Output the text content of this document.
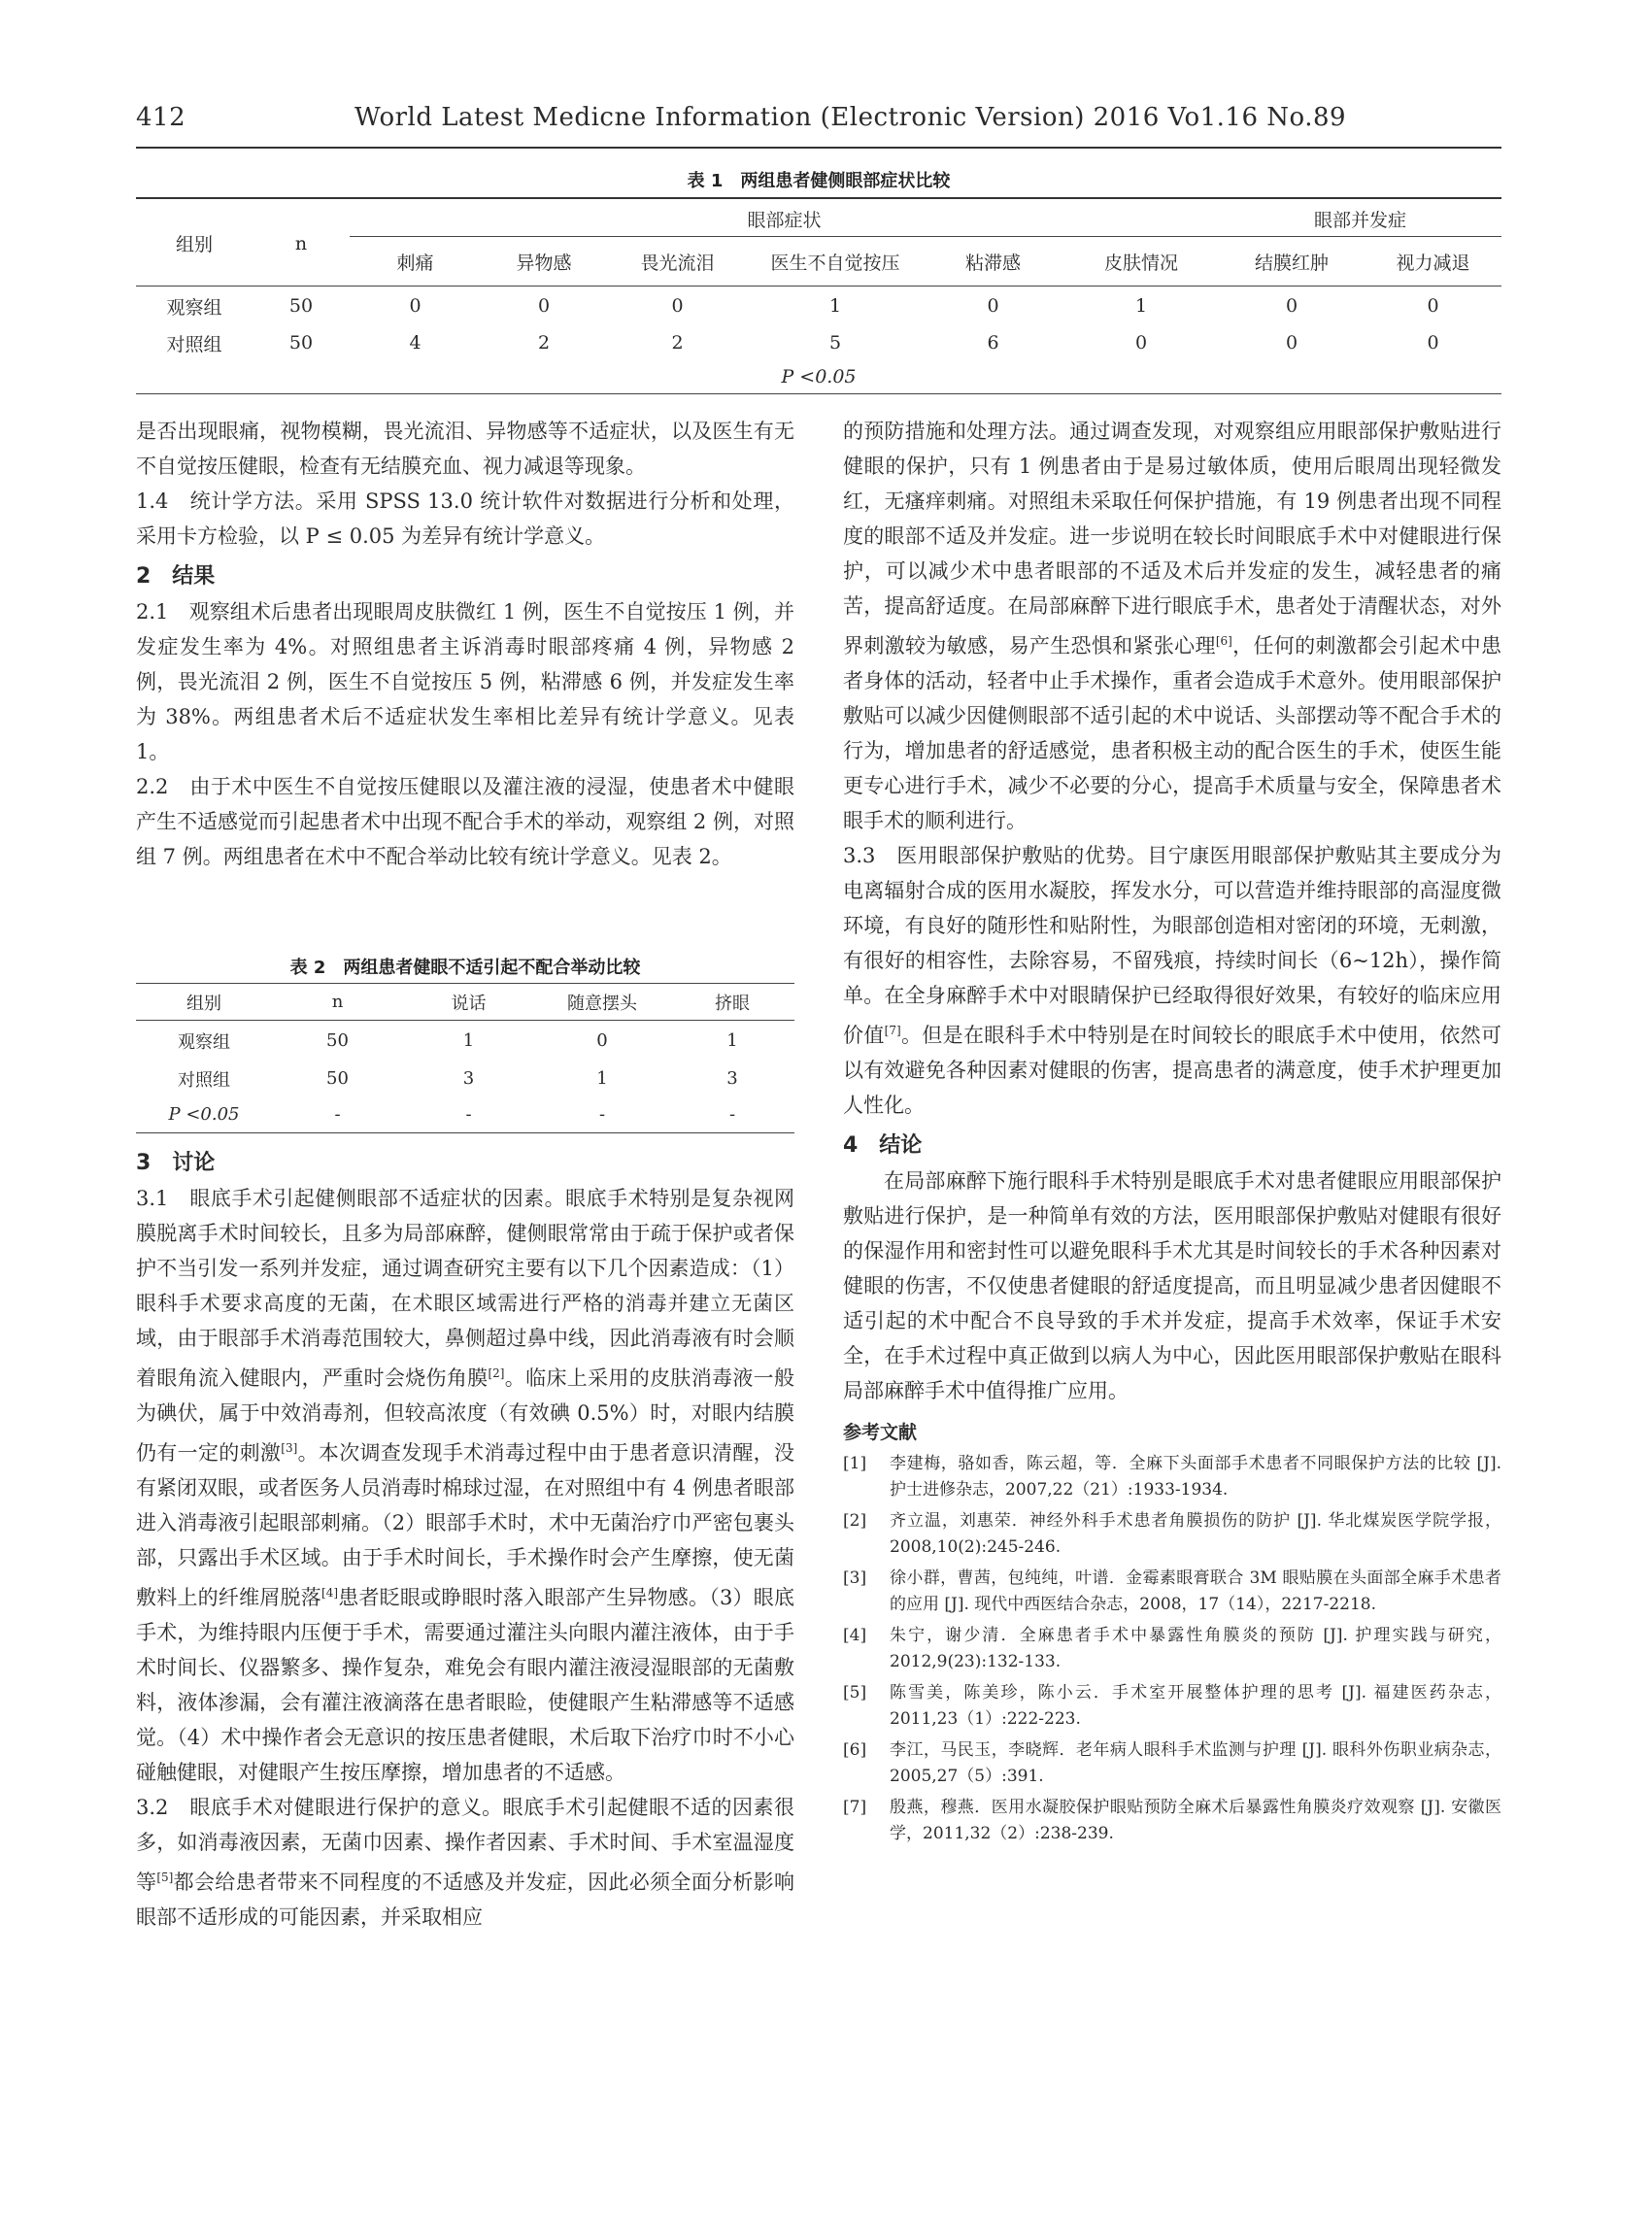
412	World Latest Medicne Information (Electronic Version) 2016 Vo1.16 No.89
表 1　两组患者健侧眼部症状比较
组别	n	眼部症状						眼部并发症	
		刺痛	异物感	畏光流泪	医生不自觉按压	粘滞感	皮肤情况	结膜红肿	视力减退
观察组	50	0	0	0	1	0	1	0	0
对照组	50	4	2	2	5	6	0	0	0
P <0.05									

是否出现眼痛，视物模糊，畏光流泪、异物感等不适症状，以及医生有无不自觉按压健眼，检查有无结膜充血、视力减退等现象。

1.4　统计学方法。采用 SPSS 13.0 统计软件对数据进行分析和处理，采用卡方检验，以 P ≤ 0.05 为差异有统计学意义。

2　结果

2.1　观察组术后患者出现眼周皮肤微红 1 例，医生不自觉按压 1 例，并发症发生率为 4%。对照组患者主诉消毒时眼部疼痛 4 例，异物感 2 例，畏光流泪 2 例，医生不自觉按压 5 例，粘滞感 6 例，并发症发生率为 38%。两组患者术后不适症状发生率相比差异有统计学意义。见表 1。

2.2　由于术中医生不自觉按压健眼以及灌注液的浸湿，使患者术中健眼产生不适感觉而引起患者术中出现不配合手术的举动，观察组 2 例，对照组 7 例。两组患者在术中不配合举动比较有统计学意义。见表 2。

表 2　两组患者健眼不适引起不配合举动比较
组别	n	说话	随意摆头	挤眼
观察组	50	1	0	1
对照组	50	3	1	3
P <0.05	-	-	-	-

3　讨论

3.1　眼底手术引起健侧眼部不适症状的因素。眼底手术特别是复杂视网膜脱离手术时间较长，且多为局部麻醉，健侧眼常常由于疏于保护或者保护不当引发一系列并发症，通过调查研究主要有以下几个因素造成：（1）眼科手术要求高度的无菌，在术眼区域需进行严格的消毒并建立无菌区域，由于眼部手术消毒范围较大，鼻侧超过鼻中线，因此消毒液有时会顺着眼角流入健眼内，严重时会烧伤角膜[2]。临床上采用的皮肤消毒液一般为碘伏，属于中效消毒剂，但较高浓度（有效碘 0.5%）时，对眼内结膜仍有一定的刺激[3]。本次调查发现手术消毒过程中由于患者意识清醒，没有紧闭双眼，或者医务人员消毒时棉球过湿，在对照组中有 4 例患者眼部进入消毒液引起眼部刺痛。（2）眼部手术时，术中无菌治疗巾严密包裹头部，只露出手术区域。由于手术时间长，手术操作时会产生摩擦，使无菌敷料上的纤维屑脱落[4]患者眨眼或睁眼时落入眼部产生异物感。（3）眼底手术，为维持眼内压便于手术，需要通过灌注头向眼内灌注液体，由于手术时间长、仪器繁多、操作复杂，难免会有眼内灌注液浸湿眼部的无菌敷料，液体渗漏，会有灌注液滴落在患者眼睑，使健眼产生粘滞感等不适感觉。（4）术中操作者会无意识的按压患者健眼，术后取下治疗巾时不小心碰触健眼，对健眼产生按压摩擦，增加患者的不适感。

3.2　眼底手术对健眼进行保护的意义。眼底手术引起健眼不适的因素很多，如消毒液因素，无菌巾因素、操作者因素、手术时间、手术室温湿度等[5]都会给患者带来不同程度的不适感及并发症，因此必须全面分析影响眼部不适形成的可能因素，并采取相应

的预防措施和处理方法。通过调查发现，对观察组应用眼部保护敷贴进行健眼的保护，只有 1 例患者由于是易过敏体质，使用后眼周出现轻微发红，无瘙痒刺痛。对照组未采取任何保护措施，有 19 例患者出现不同程度的眼部不适及并发症。进一步说明在较长时间眼底手术中对健眼进行保护，可以减少术中患者眼部的不适及术后并发症的发生，减轻患者的痛苦，提高舒适度。在局部麻醉下进行眼底手术，患者处于清醒状态，对外界刺激较为敏感，易产生恐惧和紧张心理[6]，任何的刺激都会引起术中患者身体的活动，轻者中止手术操作，重者会造成手术意外。使用眼部保护敷贴可以减少因健侧眼部不适引起的术中说话、头部摆动等不配合手术的行为，增加患者的舒适感觉，患者积极主动的配合医生的手术，使医生能更专心进行手术，减少不必要的分心，提高手术质量与安全，保障患者术眼手术的顺利进行。

3.3　医用眼部保护敷贴的优势。目宁康医用眼部保护敷贴其主要成分为电离辐射合成的医用水凝胶，挥发水分，可以营造并维持眼部的高湿度微环境，有良好的随形性和贴附性，为眼部创造相对密闭的环境，无刺激，有很好的相容性，去除容易，不留残痕，持续时间长（6~12h），操作简单。在全身麻醉手术中对眼睛保护已经取得很好效果，有较好的临床应用价值[7]。但是在眼科手术中特别是在时间较长的眼底手术中使用，依然可以有效避免各种因素对健眼的伤害，提高患者的满意度，使手术护理更加人性化。

4　结论

在局部麻醉下施行眼科手术特别是眼底手术对患者健眼应用眼部保护敷贴进行保护，是一种简单有效的方法，医用眼部保护敷贴对健眼有很好的保湿作用和密封性可以避免眼科手术尤其是时间较长的手术各种因素对健眼的伤害，不仅使患者健眼的舒适度提高，而且明显减少患者因健眼不适引起的术中配合不良导致的手术并发症，提高手术效率，保证手术安全，在手术过程中真正做到以病人为中心，因此医用眼部保护敷贴在眼科局部麻醉手术中值得推广应用。

参考文献
[1]	李建梅，骆如香，陈云超，等．全麻下头面部手术患者不同眼保护方法的比较 [J]. 护士进修杂志，2007,22（21）:1933-1934.
[2]	齐立温，刘惠荣．神经外科手术患者角膜损伤的防护 [J]. 华北煤炭医学院学报，2008,10(2):245-246.
[3]	徐小群，曹茜，包纯纯，叶谱．金霉素眼膏联合 3M 眼贴膜在头面部全麻手术患者的应用 [J]. 现代中西医结合杂志，2008，17（14），2217-2218.
[4]	朱宁，谢少清．全麻患者手术中暴露性角膜炎的预防 [J]. 护理实践与研究，2012,9(23):132-133.
[5]	陈雪美，陈美珍，陈小云．手术室开展整体护理的思考 [J]. 福建医药杂志，2011,23（1）:222-223.
[6]	李江，马民玉，李晓辉．老年病人眼科手术监测与护理 [J]. 眼科外伤职业病杂志，2005,27（5）:391.
[7]	殷燕，穆燕．医用水凝胶保护眼贴预防全麻术后暴露性角膜炎疗效观察 [J]. 安徽医学，2011,32（2）:238-239.
